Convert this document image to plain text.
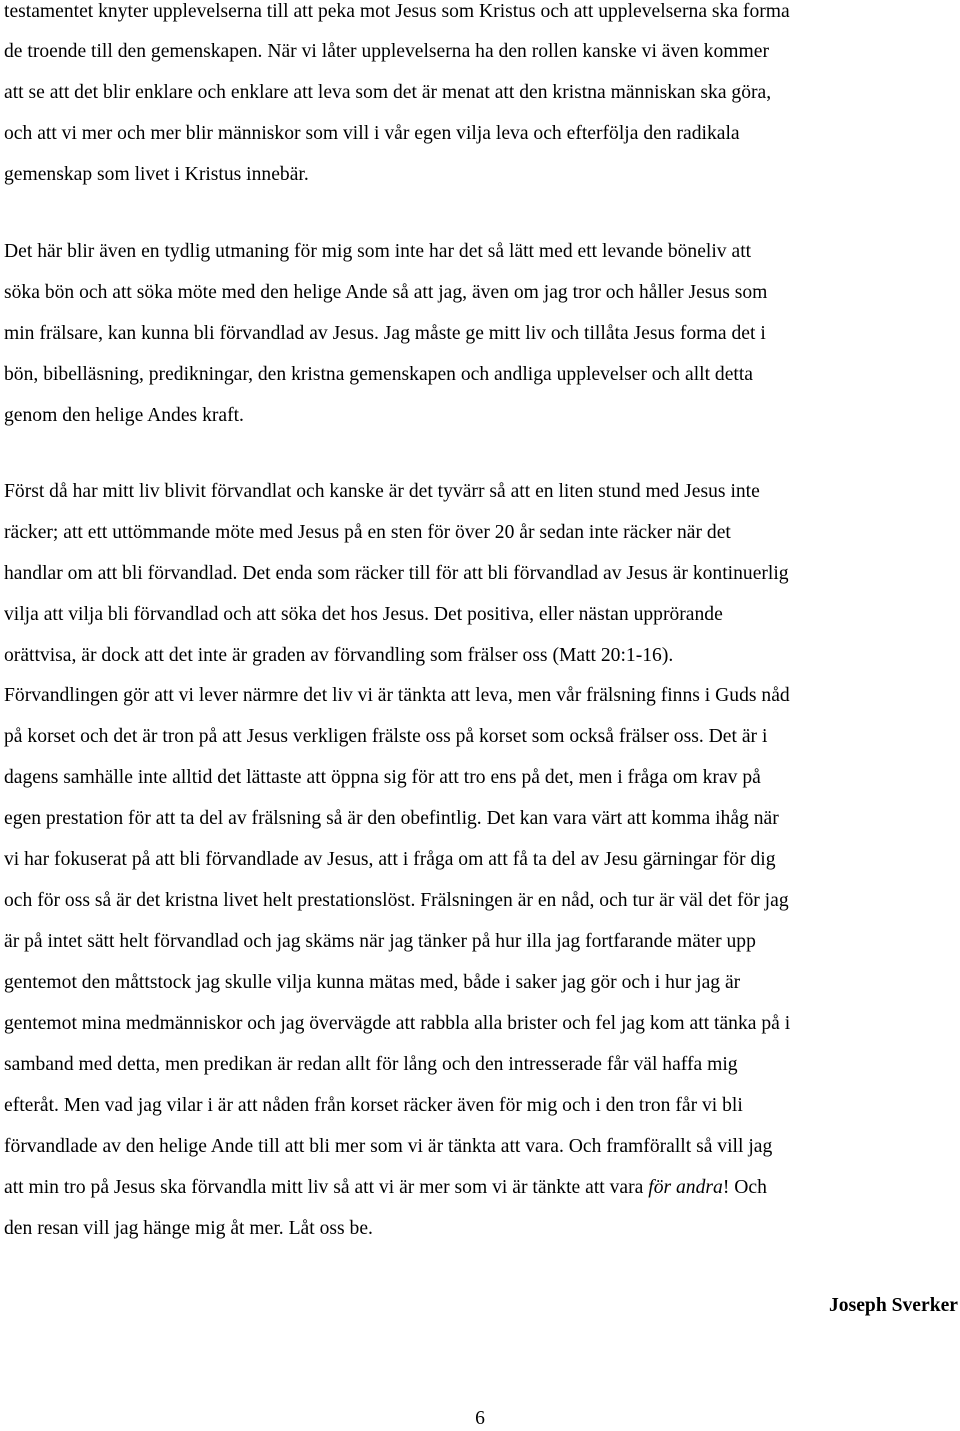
testamentet knyter upplevelserna till att peka mot Jesus som Kristus och att upplevelserna ska forma

de troende till den gemenskapen. När vi låter upplevelserna ha den rollen kanske vi även kommer

att se att det blir enklare och enklare att leva som det är menat att den kristna människan ska göra,

och att vi mer och mer blir människor som vill i vår egen vilja leva och efterfölja den radikala

gemenskap som livet i Kristus innebär.

Det här blir även en tydlig utmaning för mig som inte har det så lätt med ett levande böneliv att

söka bön och att söka möte med den helige Ande så att jag, även om jag tror och håller Jesus som

min frälsare, kan kunna bli förvandlad av Jesus. Jag måste ge mitt liv och tillåta Jesus forma det i

bön, bibelläsning, predikningar, den kristna gemenskapen och andliga upplevelser och allt detta

genom den helige Andes kraft.

Först då har mitt liv blivit förvandlat och kanske är det tyvärr så att en liten stund med Jesus inte

räcker; att ett uttömmande möte med Jesus på en sten för över 20 år sedan inte räcker när det

handlar om att bli förvandlad. Det enda som räcker till för att bli förvandlad av Jesus är kontinuerlig

vilja att vilja bli förvandlad och att söka det hos Jesus. Det positiva, eller nästan upprörande

orättvisa, är dock att det inte är graden av förvandling som frälser oss (Matt 20:1-16).

Förvandlingen gör att vi lever närmre det liv vi är tänkta att leva, men vår frälsning finns i Guds nåd

på korset och det är tron på att Jesus verkligen frälste oss på korset som också frälser oss. Det är i

dagens samhälle inte alltid det lättaste att öppna sig för att tro ens på det, men i fråga om krav på

egen prestation för att ta del av frälsning så är den obefintlig. Det kan vara värt att komma ihåg när

vi har fokuserat på att bli förvandlade av Jesus, att i fråga om att få ta del av Jesu gärningar för dig

och för oss så är det kristna livet helt prestationslöst. Frälsningen är en nåd, och tur är väl det för jag

är på intet sätt helt förvandlad och jag skäms när jag tänker på hur illa jag fortfarande mäter upp

gentemot den måttstock jag skulle vilja kunna mätas med, både i saker jag gör och i hur jag är

gentemot mina medmänniskor och jag övervägde att rabbla alla brister och fel jag kom att tänka på i

samband med detta, men predikan är redan allt för lång och den intresserade får väl haffa mig

efteråt. Men vad jag vilar i är att nåden från korset räcker även för mig och i den tron får vi bli

förvandlade av den helige Ande till att bli mer som vi är tänkta att vara. Och framförallt så vill jag

att min tro på Jesus ska förvandla mitt liv så att vi är mer som vi är tänkte att vara för andra! Och

den resan vill jag hänge mig åt mer. Låt oss be.

Joseph Sverker

6
